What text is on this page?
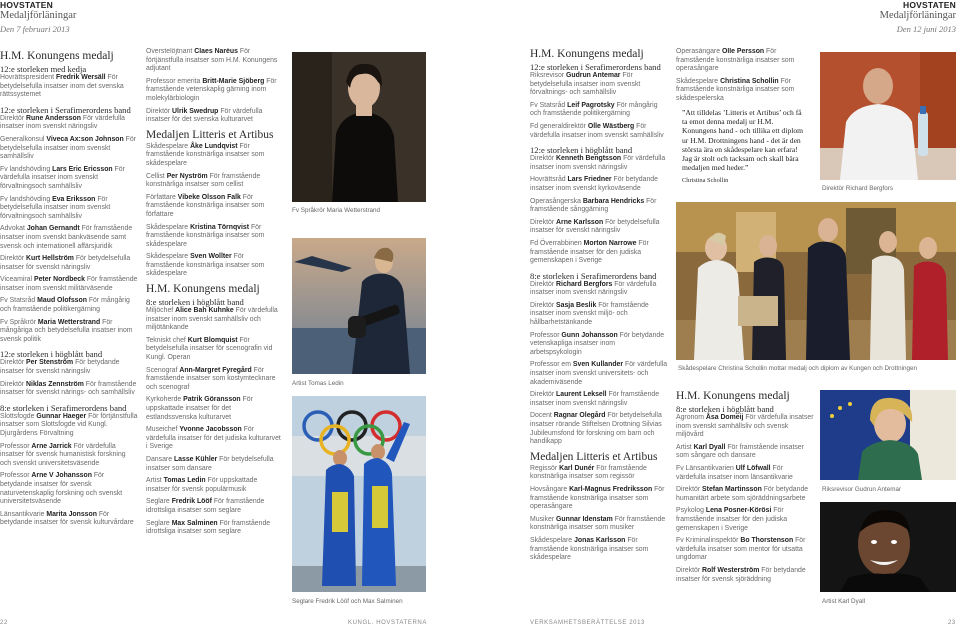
HOVSTATEN
Medaljförläningar
Den 7 februari 2013
H.M. Konungens medalj
12:e storleken med kedja

Hovrättspresident Fredrik Wersäll För betydelsefulla insatser inom det svenska rättssystemet

12:e storleken i Serafimerordens band

Direktör Rune Andersson För värdefulla insatser inom svenskt näringsliv

Generalkonsul Viveca Ax:son Johnson För betydelsefulla insatser inom svenskt samhällsliv

Fv landshövding Lars Eric Ericsson För värdefulla insatser inom svenskt förvaltningsoch samhällsliv

Fv landshövding Eva Eriksson För betydelsefulla insatser inom svenskt förvaltningsoch samhällsliv

Advokat Johan Gernandt För framstående insatser inom svenskt bankväsende samt svensk och internationell affärsjuridik

Direktör Kurt Hellström För betydelsefulla insatser för svenskt näringsliv

Viceamiral Peter Nordbeck För framstående insatser inom svenskt militärväsende

Fv Statsråd Maud Olofsson För mångårig och framstående politikergärning

Fv Språkrör Maria Wetterstrand För mångåriga och betydelsefulla insatser inom svensk politik

12:e storleken i högblått band

Direktör Per Stenström För betydande insatser för svenskt näringsliv

Direktör Niklas Zennström För framstående insatser för svenskt närings- och samhällsliv

8:e storleken i Serafimerordens band

Slottsfogde Gunnar Haeger För förtjänstfulla insatser som Slottsfogde vid Kungl. Djurgårdens Förvaltning

Professor Arne Jarrick För värdefulla insatser för svensk humanistisk forskning och svenskt universitetsväsende

Professor Arne V Johansson För betydande insatser för svensk naturvetenskaplig forskning och svenskt universitetsväsende

Länsantikvarie Marita Jonsson För betydande insatser för svensk kulturvårdare

Överstelöjtnant Claes Naréus För förtjänstfulla insatser som H.M. Konungens adjutant

Professor emerita Britt-Marie Sjöberg För framstående vetenskaplig gärning inom molekylärbiologin

Direktör Ulrik Swedrup För värdefulla insatser för det svenska kulturarvet

Medaljen Litteris et Artibus

Skådespelare Åke Lundqvist För framstående konstnärliga insatser som skådespelare

Cellist Per Nyström För framstående konstnärliga insatser som cellist

Författare Vibeke Olsson Falk För framstående konstnärliga insatser som författare

Skådespelare Kristina Törnqvist För framstående konstnärliga insatser som skådespelare

Skådespelare Sven Wollter För framstående konstnärliga insatser som skådespelare

H.M. Konungens medalj
8:e storleken i högblått band

Miljöchef Alice Bah Kuhnke För värdefulla insatser inom svenskt samhällsliv och miljötänkande

Tekniskt chef Kurt Blomquist För betydelsefulla insatser för scenografin vid Kungl. Operan

Scenograf Ann-Margret Fyregård För framstående insatser som kostymtecknare och scenograf

Kyrkoherde Patrik Göransson För uppskattade insatser för det estlandssvenska kulturarvet

Museichef Yvonne Jacobsson För värdefulla insatser för det judiska kulturarvet i Sverige

Dansare Lasse Kühler För betydelsefulla insatser som dansare

Artist Tomas Ledin För uppskattade insatser för svensk populärmusik

Seglare Fredrik Lööf För framstående idrottsliga insatser som seglare

Seglare Max Salminen För framstående idrottsliga insatser som seglare

Fv Språkrör Maria Wetterstrand
Artist Tomas Ledin
Seglare Fredrik Lööf och Max Salminen
22	KUNGL. HOVSTATERNA
HOVSTATEN
Medaljförläningar
Den 12 juni 2013
H.M. Konungens medalj
12:e storleken i Serafimerordens band

Riksrevisor Gudrun Antemar För betydelsefulla insatser inom svenskt förvaltnings- och samhällsliv

Fv Statsråd Leif Pagrotsky För mångårig och framstående politikergärning

Fd generaldirektör Olle Wästberg För värdefulla insatser inom svenskt samhällsliv

12:e storleken i högblått band

Direktör Kenneth Bengtsson För värdefulla insatser inom svenskt näringsliv

Hovrättsråd Lars Friedner För betydande insatser inom svenskt kyrkoväsende

Operasångerska Barbara Hendricks För framstående sånggärning

Direktör Arne Karlsson För betydelsefulla insatser för svenskt näringsliv

Fd Överrabbinen Morton Narrowe För framstående insatser för den judiska gemenskapen i Sverige

8:e storleken i Serafimerordens band

Direktör Richard Bergfors För värdefulla insatser inom svenskt näringsliv

Direktör Sasja Beslik För framstående insatser inom svenskt miljö- och hållbarhetstänkande

Professor Gunn Johansson För betydande vetenskapliga insatser inom arbetspsykologin

Professor em Sven Kullander För värdefulla insatser inom svenskt universitets- och akademiväsende

Direktör Laurent Leksell För framstående insatser inom svenskt näringsliv

Docent Ragnar Olegård För betydelsefulla insatser rörande Stiftelsen Drottning Silvias Jubileumsfond för forskning om barn och handikapp

Medaljen Litteris et Artibus

Regissör Karl Dunér För framstående konstnärliga insatser som regissör

Hovsångare Karl-Magnus Fredriksson För framstående konstnärliga insatser som operasångare

Musiker Gunnar Idenstam För framstående konstnärliga insatser som musiker

Skådespelare Jonas Karlsson För framstående konstnärliga insatser som skådespelare

Operasångare Olle Persson För framstående konstnärliga insatser som operasångare

Skådespelare Christina Schollin För framstående konstnärliga insatser som skådespelerska

H.M. Konungens medalj
8:e storleken i högblått band

Agronom Åsa Domeij För värdefulla insatser inom svenskt samhällsliv och svensk miljövård

Artist Karl Dyall För framstående insatser som sångare och dansare

Fv Länsantikvarien Ulf Löfwall För värdefulla insatser inom länsantikvarie

Direktör Stefan Martinsson För betydande humanitärt arbete som sjöräddningsarbete

Psykolog Lena Posner-Körösi För framstående insatser för den judiska gemenskapen i Sverige

Fv Kriminalinspektör Bo Thorstenson För värdefulla insatser som mentor för utsatta ungdomar

Direktör Rolf Westerström För betydande insatser för svensk sjöräddning

”Att tilldelas ’Litteris et Artibus’ och få ta emot denna medalj ur H.M. Konungens hand - och tillika ett diplom ur H.M. Drottningens hand - det är den största ära en skådespelare kan erfara! Jag är stolt och tacksam och skall bära medaljen med heder.”
Christina Schollin
Direktör Richard Bergfors
Skådespelare Christina Schollin mottar medalj och diplom av Kungen och Drottningen
Riksrevisor Gudrun Antemar
Artist Karl Dyall
VERKSAMHETSBERÄTTELSE 2013	23
